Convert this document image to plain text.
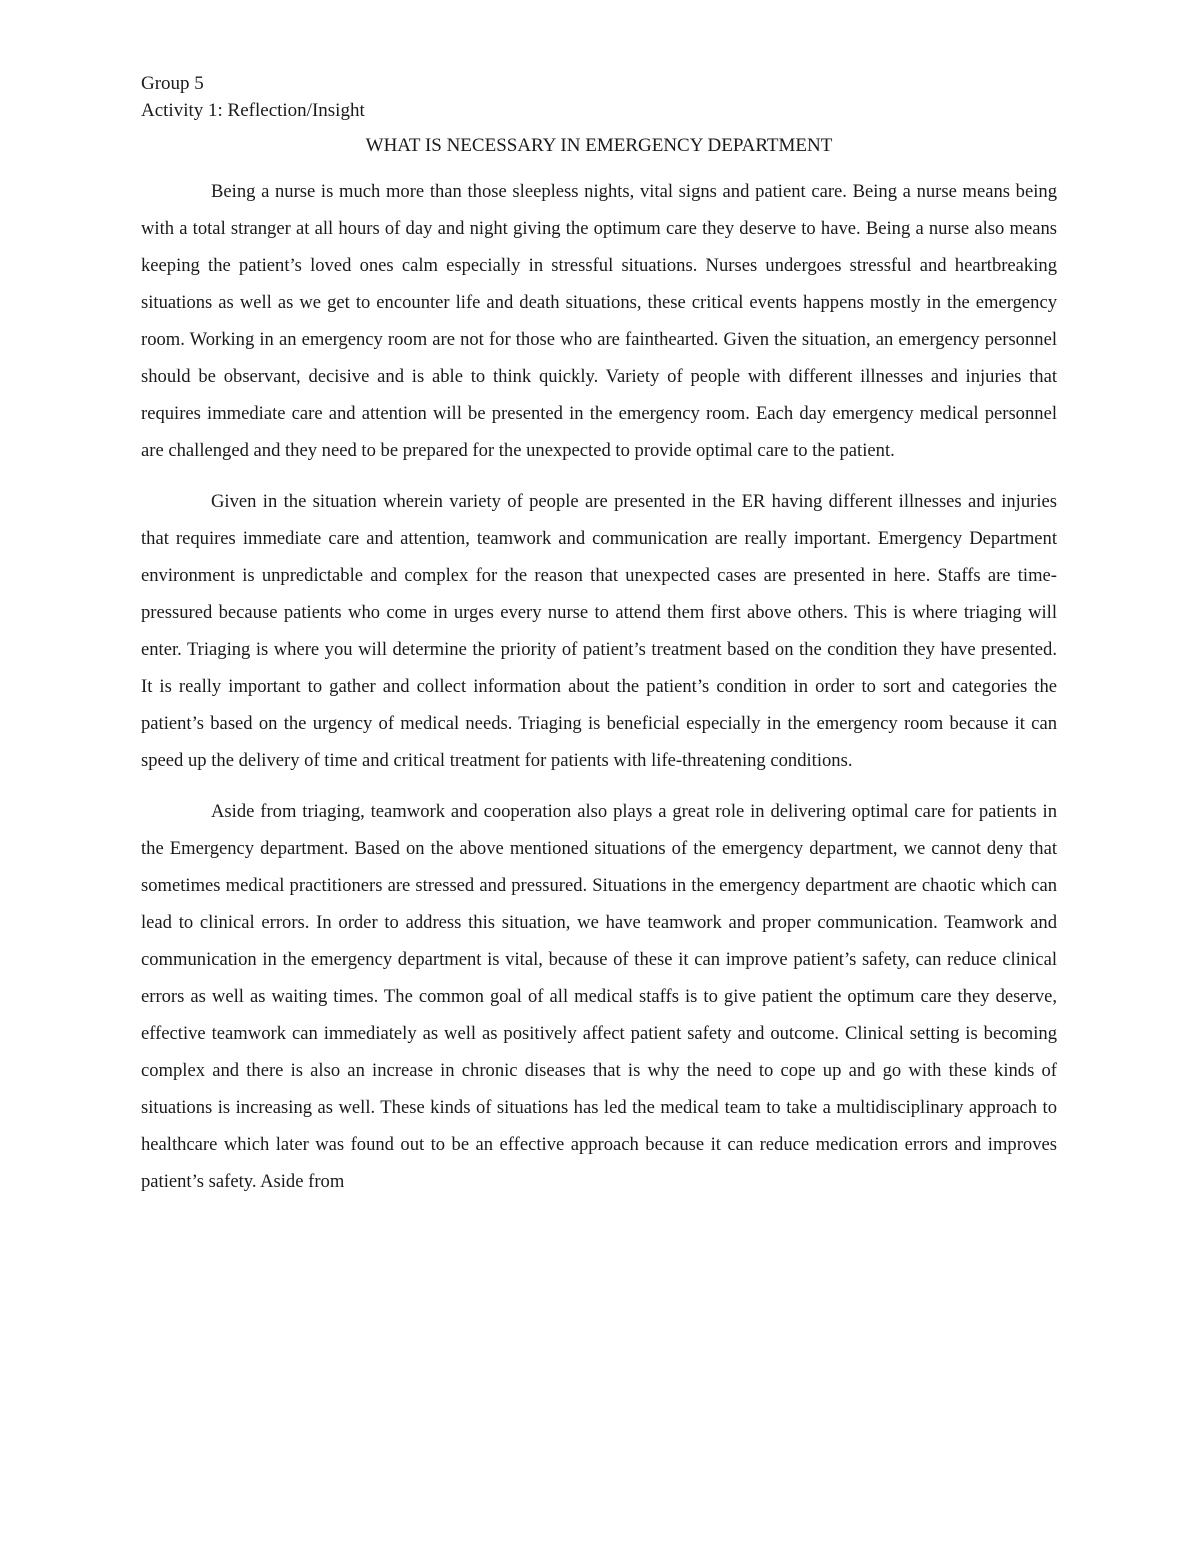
Group 5

Activity 1: Reflection/Insight

WHAT IS NECESSARY IN EMERGENCY DEPARTMENT

Being a nurse is much more than those sleepless nights, vital signs and patient care. Being a nurse means being with a total stranger at all hours of day and night giving the optimum care they deserve to have. Being a nurse also means keeping the patient’s loved ones calm especially in stressful situations. Nurses undergoes stressful and heartbreaking situations as well as we get to encounter life and death situations, these critical events happens mostly in the emergency room. Working in an emergency room are not for those who are fainthearted. Given the situation, an emergency personnel should be observant, decisive and is able to think quickly. Variety of people with different illnesses and injuries that requires immediate care and attention will be presented in the emergency room. Each day emergency medical personnel are challenged and they need to be prepared for the unexpected to provide optimal care to the patient.

Given in the situation wherein variety of people are presented in the ER having different illnesses and injuries that requires immediate care and attention, teamwork and communication are really important. Emergency Department environment is unpredictable and complex for the reason that unexpected cases are presented in here. Staffs are time-pressured because patients who come in urges every nurse to attend them first above others. This is where triaging will enter. Triaging is where you will determine the priority of patient’s treatment based on the condition they have presented. It is really important to gather and collect information about the patient’s condition in order to sort and categories the patient’s based on the urgency of medical needs. Triaging is beneficial especially in the emergency room because it can speed up the delivery of time and critical treatment for patients with life-threatening conditions.

Aside from triaging, teamwork and cooperation also plays a great role in delivering optimal care for patients in the Emergency department. Based on the above mentioned situations of the emergency department, we cannot deny that sometimes medical practitioners are stressed and pressured. Situations in the emergency department are chaotic which can lead to clinical errors. In order to address this situation, we have teamwork and proper communication. Teamwork and communication in the emergency department is vital, because of these it can improve patient’s safety, can reduce clinical errors as well as waiting times. The common goal of all medical staffs is to give patient the optimum care they deserve, effective teamwork can immediately as well as positively affect patient safety and outcome. Clinical setting is becoming complex and there is also an increase in chronic diseases that is why the need to cope up and go with these kinds of situations is increasing as well. These kinds of situations has led the medical team to take a multidisciplinary approach to healthcare which later was found out to be an effective approach because it can reduce medication errors and improves patient’s safety. Aside from
